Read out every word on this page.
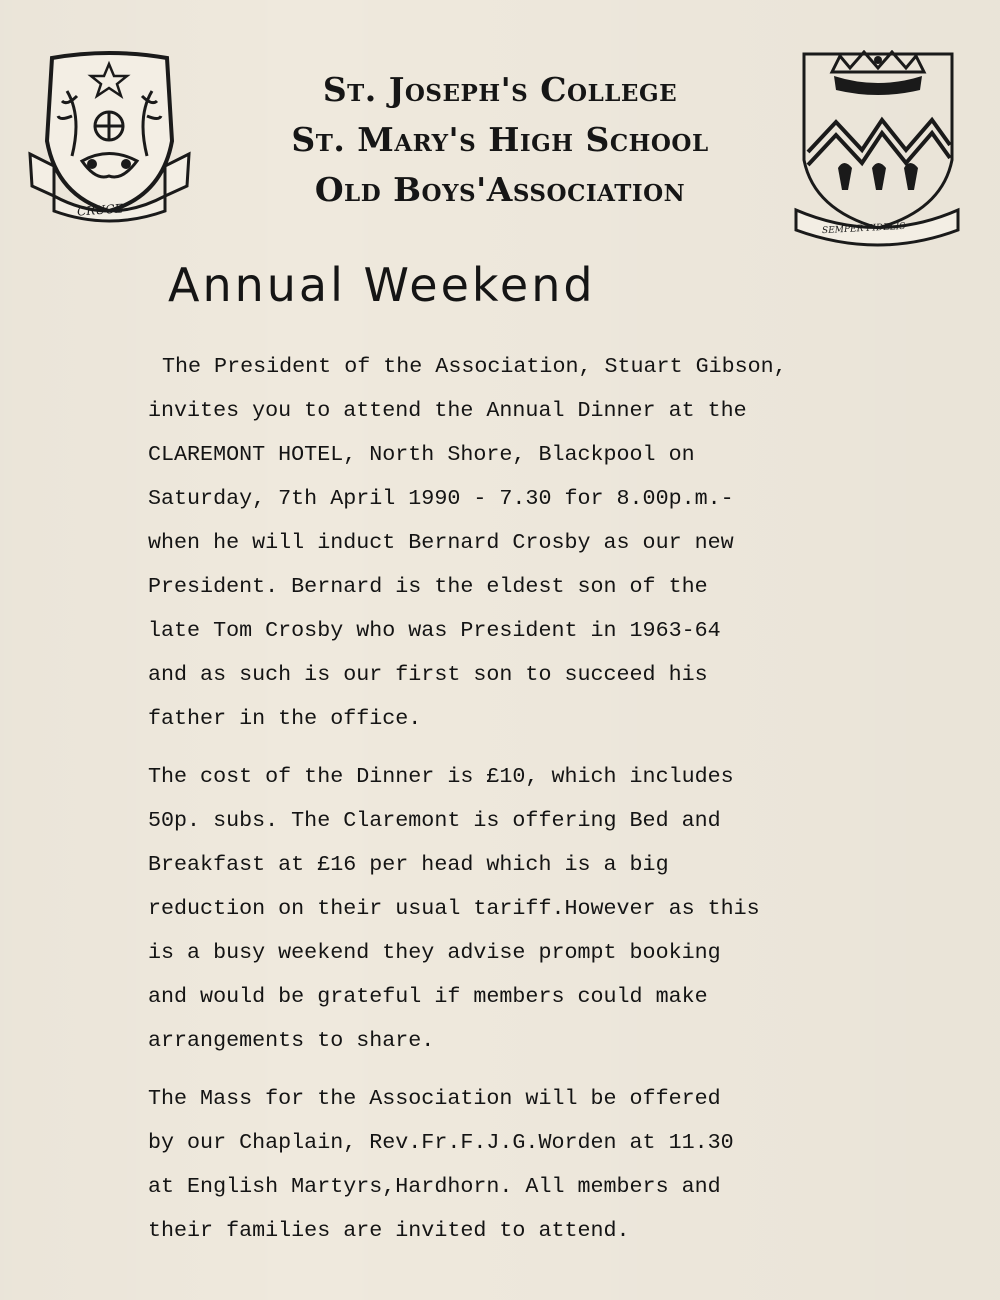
CRUCE
SEMPER FIDELIS
St. Joseph's College
St. Mary's High School
Old Boys'Association
Annual Weekend
The President of the Association, Stuart Gibson,
invites you to attend the Annual Dinner at the
CLAREMONT HOTEL, North Shore, Blackpool on
Saturday, 7th April 1990 - 7.30 for 8.00p.m.-
when he will induct Bernard Crosby as our new
President. Bernard is the eldest son of the
late Tom Crosby who was President in 1963-64
and as such is our first son to succeed his
father in the office.
The cost of the Dinner is £10, which includes
50p. subs. The Claremont is offering Bed and
Breakfast at £16 per head which is a big
reduction on their usual tariff.However as this
is a busy weekend they advise prompt booking
and would be grateful if members could make
arrangements to share.
The Mass for the Association will be offered
by our Chaplain, Rev.Fr.F.J.G.Worden at 11.30
at English Martyrs,Hardhorn. All members and
their families are invited to attend.
